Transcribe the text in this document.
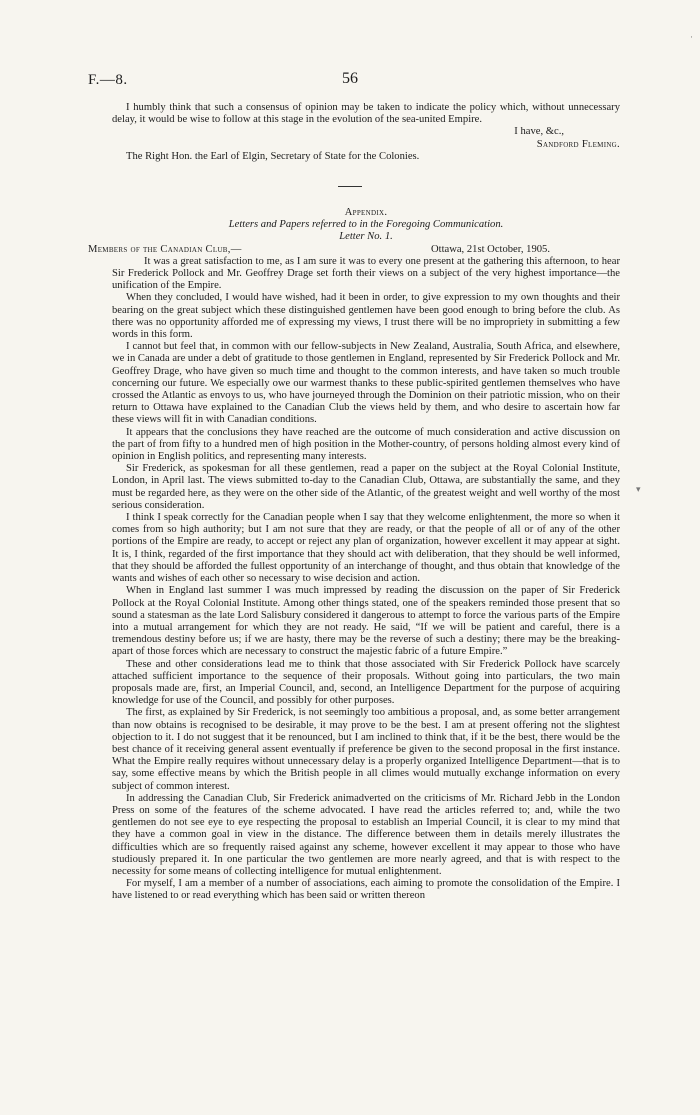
F.—8.	56

I humbly think that such a consensus of opinion may be taken to indicate the policy which, without unnecessary delay, it would be wise to follow at this stage in the evolution of the sea-united Empire.

I have, &c.,
Sandford Fleming.

The Right Hon. the Earl of Elgin, Secretary of State for the Colonies.

Appendix.
Letters and Papers referred to in the Foregoing Communication.
Letter No. 1.
Members of the Canadian Club,—	Ottawa, 21st October, 1905.

It was a great satisfaction to me, as I am sure it was to every one present at the gathering this afternoon, to hear Sir Frederick Pollock and Mr. Geoffrey Drage set forth their views on a subject of the very highest importance—the unification of the Empire.

When they concluded, I would have wished, had it been in order, to give expression to my own thoughts and their bearing on the great subject which these distinguished gentlemen have been good enough to bring before the club. As there was no opportunity afforded me of expressing my views, I trust there will be no impropriety in submitting a few words in this form.

I cannot but feel that, in common with our fellow-subjects in New Zealand, Australia, South Africa, and elsewhere, we in Canada are under a debt of gratitude to those gentlemen in England, represented by Sir Frederick Pollock and Mr. Geoffrey Drage, who have given so much time and thought to the common interests, and have taken so much trouble concerning our future. We especially owe our warmest thanks to these public-spirited gentlemen themselves who have crossed the Atlantic as envoys to us, who have journeyed through the Dominion on their patriotic mission, who on their return to Ottawa have explained to the Canadian Club the views held by them, and who desire to ascertain how far these views will fit in with Canadian conditions.

It appears that the conclusions they have reached are the outcome of much consideration and active discussion on the part of from fifty to a hundred men of high position in the Mother-country, of persons holding almost every kind of opinion in English politics, and representing many interests.

Sir Frederick, as spokesman for all these gentlemen, read a paper on the subject at the Royal Colonial Institute, London, in April last. The views submitted to-day to the Canadian Club, Ottawa, are substantially the same, and they must be regarded here, as they were on the other side of the Atlantic, of the greatest weight and well worthy of the most serious consideration.

I think I speak correctly for the Canadian people when I say that they welcome enlightenment, the more so when it comes from so high authority; but I am not sure that they are ready, or that the people of all or of any of the other portions of the Empire are ready, to accept or reject any plan of organization, however excellent it may appear at sight. It is, I think, regarded of the first importance that they should act with deliberation, that they should be well informed, that they should be afforded the fullest opportunity of an interchange of thought, and thus obtain that knowledge of the wants and wishes of each other so necessary to wise decision and action.

When in England last summer I was much impressed by reading the discussion on the paper of Sir Frederick Pollock at the Royal Colonial Institute. Among other things stated, one of the speakers reminded those present that so sound a statesman as the late Lord Salisbury considered it dangerous to attempt to force the various parts of the Empire into a mutual arrangement for which they are not ready. He said, “If we will be patient and careful, there is a tremendous destiny before us; if we are hasty, there may be the reverse of such a destiny; there may be the breaking-apart of those forces which are necessary to construct the majestic fabric of a future Empire.”

These and other considerations lead me to think that those associated with Sir Frederick Pollock have scarcely attached sufficient importance to the sequence of their proposals. Without going into particulars, the two main proposals made are, first, an Imperial Council, and, second, an Intelligence Department for the purpose of acquiring knowledge for use of the Council, and possibly for other purposes.

The first, as explained by Sir Frederick, is not seemingly too ambitious a proposal, and, as some better arrangement than now obtains is recognised to be desirable, it may prove to be the best. I am at present offering not the slightest objection to it. I do not suggest that it be renounced, but I am inclined to think that, if it be the best, there would be the best chance of it receiving general assent eventually if preference be given to the second proposal in the first instance. What the Empire really requires without unnecessary delay is a properly organized Intelligence Department—that is to say, some effective means by which the British people in all climes would mutually exchange information on every subject of common interest.

In addressing the Canadian Club, Sir Frederick animadverted on the criticisms of Mr. Richard Jebb in the London Press on some of the features of the scheme advocated. I have read the articles referred to; and, while the two gentlemen do not see eye to eye respecting the proposal to establish an Imperial Council, it is clear to my mind that they have a common goal in view in the distance. The difference between them in details merely illustrates the difficulties which are so frequently raised against any scheme, however excellent it may appear to those who have studiously prepared it. In one particular the two gentlemen are more nearly agreed, and that is with respect to the necessity for some means of collecting intelligence for mutual enlightenment.

For myself, I am a member of a number of associations, each aiming to promote the consolidation of the Empire. I have listened to or read everything which has been said or written thereon

·
▾
